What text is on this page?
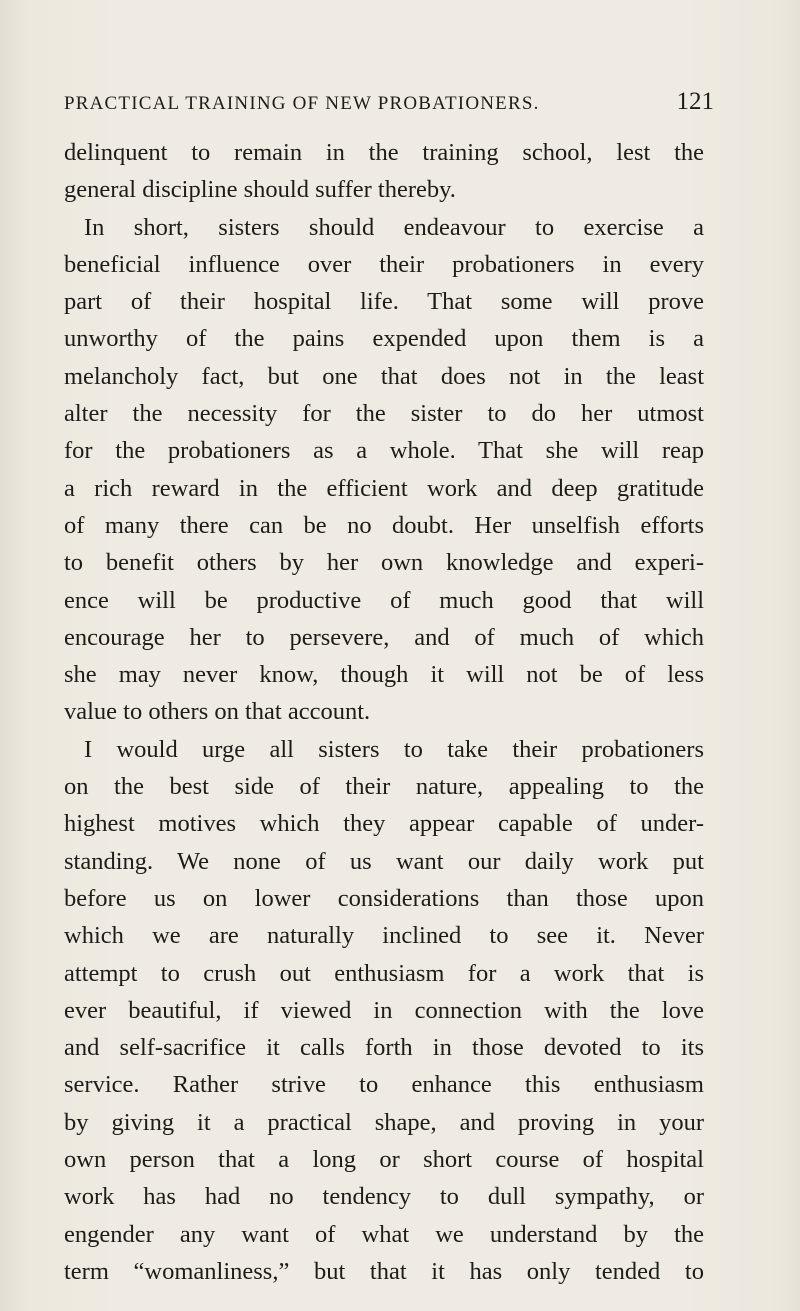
PRACTICAL TRAINING OF NEW PROBATIONERS.	121
delinquent to remain in the training school, lest the
general discipline should suffer thereby.
In short, sisters should endeavour to exercise a
beneficial influence over their probationers in every
part of their hospital life. That some will prove
unworthy of the pains expended upon them is a
melancholy fact, but one that does not in the least
alter the necessity for the sister to do her utmost
for the probationers as a whole. That she will reap
a rich reward in the efficient work and deep gratitude
of many there can be no doubt. Her unselfish efforts
to benefit others by her own knowledge and experi-
ence will be productive of much good that will
encourage her to persevere, and of much of which
she may never know, though it will not be of less
value to others on that account.
I would urge all sisters to take their probationers
on the best side of their nature, appealing to the
highest motives which they appear capable of under-
standing. We none of us want our daily work put
before us on lower considerations than those upon
which we are naturally inclined to see it. Never
attempt to crush out enthusiasm for a work that is
ever beautiful, if viewed in connection with the love
and self-sacrifice it calls forth in those devoted to its
service. Rather strive to enhance this enthusiasm
by giving it a practical shape, and proving in your
own person that a long or short course of hospital
work has had no tendency to dull sympathy, or
engender any want of what we understand by the
term “womanliness,” but that it has only tended to
